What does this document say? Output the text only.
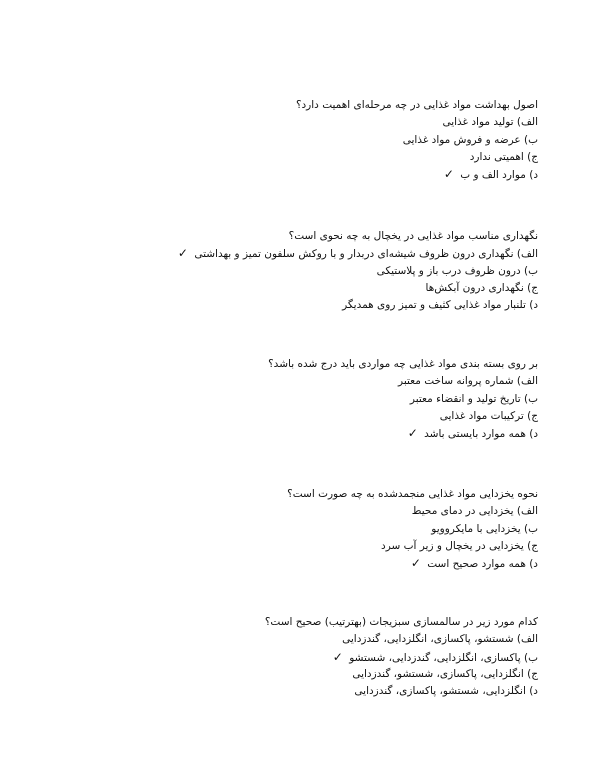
اصول بهداشت مواد غذایی در چه مرحله‌ای اهمیت دارد؟
الف) تولید مواد غذایی
ب) عرضه و فروش مواد غذایی
ج) اهمیتی ندارد
د) موارد الف و ب ✓
نگهداری مناسب مواد غذایی در یخچال به چه نحوی است؟
الف) نگهداری درون ظروف شیشه‌ای دربدار و با روکش سلفون تمیز و بهداشتی ✓
ب) درون ظروف درب باز و پلاستیکی
ج) نگهداری درون آبکش‌ها
د) تلنبار مواد غذایی کثیف و تمیز روی همدیگر
بر روی بسته بندی مواد غذایی چه مواردی باید درج شده باشد؟
الف) شماره پروانه ساخت معتبر
ب) تاریخ تولید و انقضاء معتبر
ج) ترکیبات مواد غذایی
د) همه موارد بایستی باشد ✓
نحوه یخزدایی مواد غذایی منجمدشده به چه صورت است؟
الف) یخزدایی در دمای محیط
ب) یخزدایی با مایکروویو
ج) یخزدایی در یخچال و زیر آب سرد
د) همه موارد صحیح است ✓
کدام مورد زیر در سالمسازی سبزیجات (بهترتیب) صحیح است؟
الف) شستشو، پاکسازی، انگلزدایی، گندزدایی
ب) پاکسازی، انگلزدایی، گندزدایی، شستشو ✓
ج) انگلزدایی، پاکسازی، شستشو، گندزدایی
د) انگلزدایی، شستشو، پاکسازی، گندزدایی
